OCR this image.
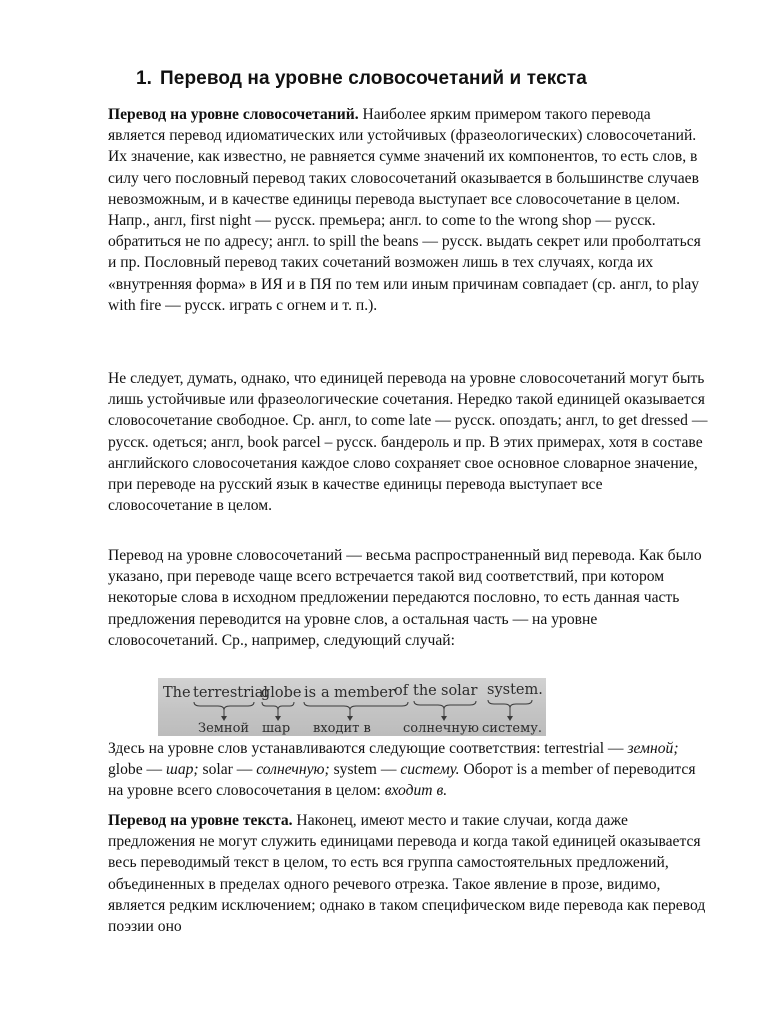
1. Перевод на уровне словосочетаний и текста

Перевод на уровне словосочетаний. Наиболее ярким примером такого перевода является перевод идиоматических или устойчивых (фразеологических) словосочетаний. Их значение, как известно, не равняется сумме значений их компонентов, то есть слов, в силу чего пословный перевод таких словосочетаний оказывается в большинстве случаев невозможным, и в качестве единицы перевода выступает все словосочетание в целом. Напр., англ, first night — русск. премьера; англ. to come to the wrong shop — русск. обратиться не по адресу; англ. to spill the beans — русск. выдать секрет или проболтаться и пр. Пословный перевод таких сочетаний возможен лишь в тех случаях, когда их «внутренняя форма» в ИЯ и в ПЯ по тем или иным причинам совпадает (ср. англ, to play with fire — русск. играть с огнем и т. п.).

Не следует, думать, однако, что единицей перевода на уровне словосочетаний могут быть лишь устойчивые или фразеологические сочетания. Нередко такой единицей оказывается словосочетание свободное. Ср. англ, to come late — русск. опоздать; англ, to get dressed — русск. одеться; англ, book parcel – русск. бандероль и пр. В этих примерах, хотя в составе английского словосочетания каждое слово сохраняет свое основное словарное значение, при переводе на русский язык в качестве единицы перевода выступает все словосочетание в целом.

Перевод на уровне словосочетаний — весьма распространенный вид перевода. Как было указано, при переводе чаще всего встречается такой вид соответствий, при котором некоторые слова в исходном предложении передаются пословно, то есть данная часть предложения переводится на уровне слов, а остальная часть — на уровне словосочетаний. Ср., например, следующий случай:

The terrestrial
globe is a member of the solar system.
Земной шар входит в солнечную систему.

Здесь на уровне слов устанавливаются следующие соответствия: terrestrial — земной; globe — шар; solar — солнечную; system — систему. Оборот is a member of переводится на уровне всего словосочетания в целом: входит в.

Перевод на уровне текста. Наконец, имеют место и такие случаи, когда даже предложения не могут служить единицами перевода и когда такой единицей оказывается весь переводимый текст в целом, то есть вся группа самостоятельных предложений, объединенных в пределах одного речевого отрезка. Такое явление в прозе, видимо, является редким исключением; однако в таком специфическом виде перевода как перевод поэзии оно
